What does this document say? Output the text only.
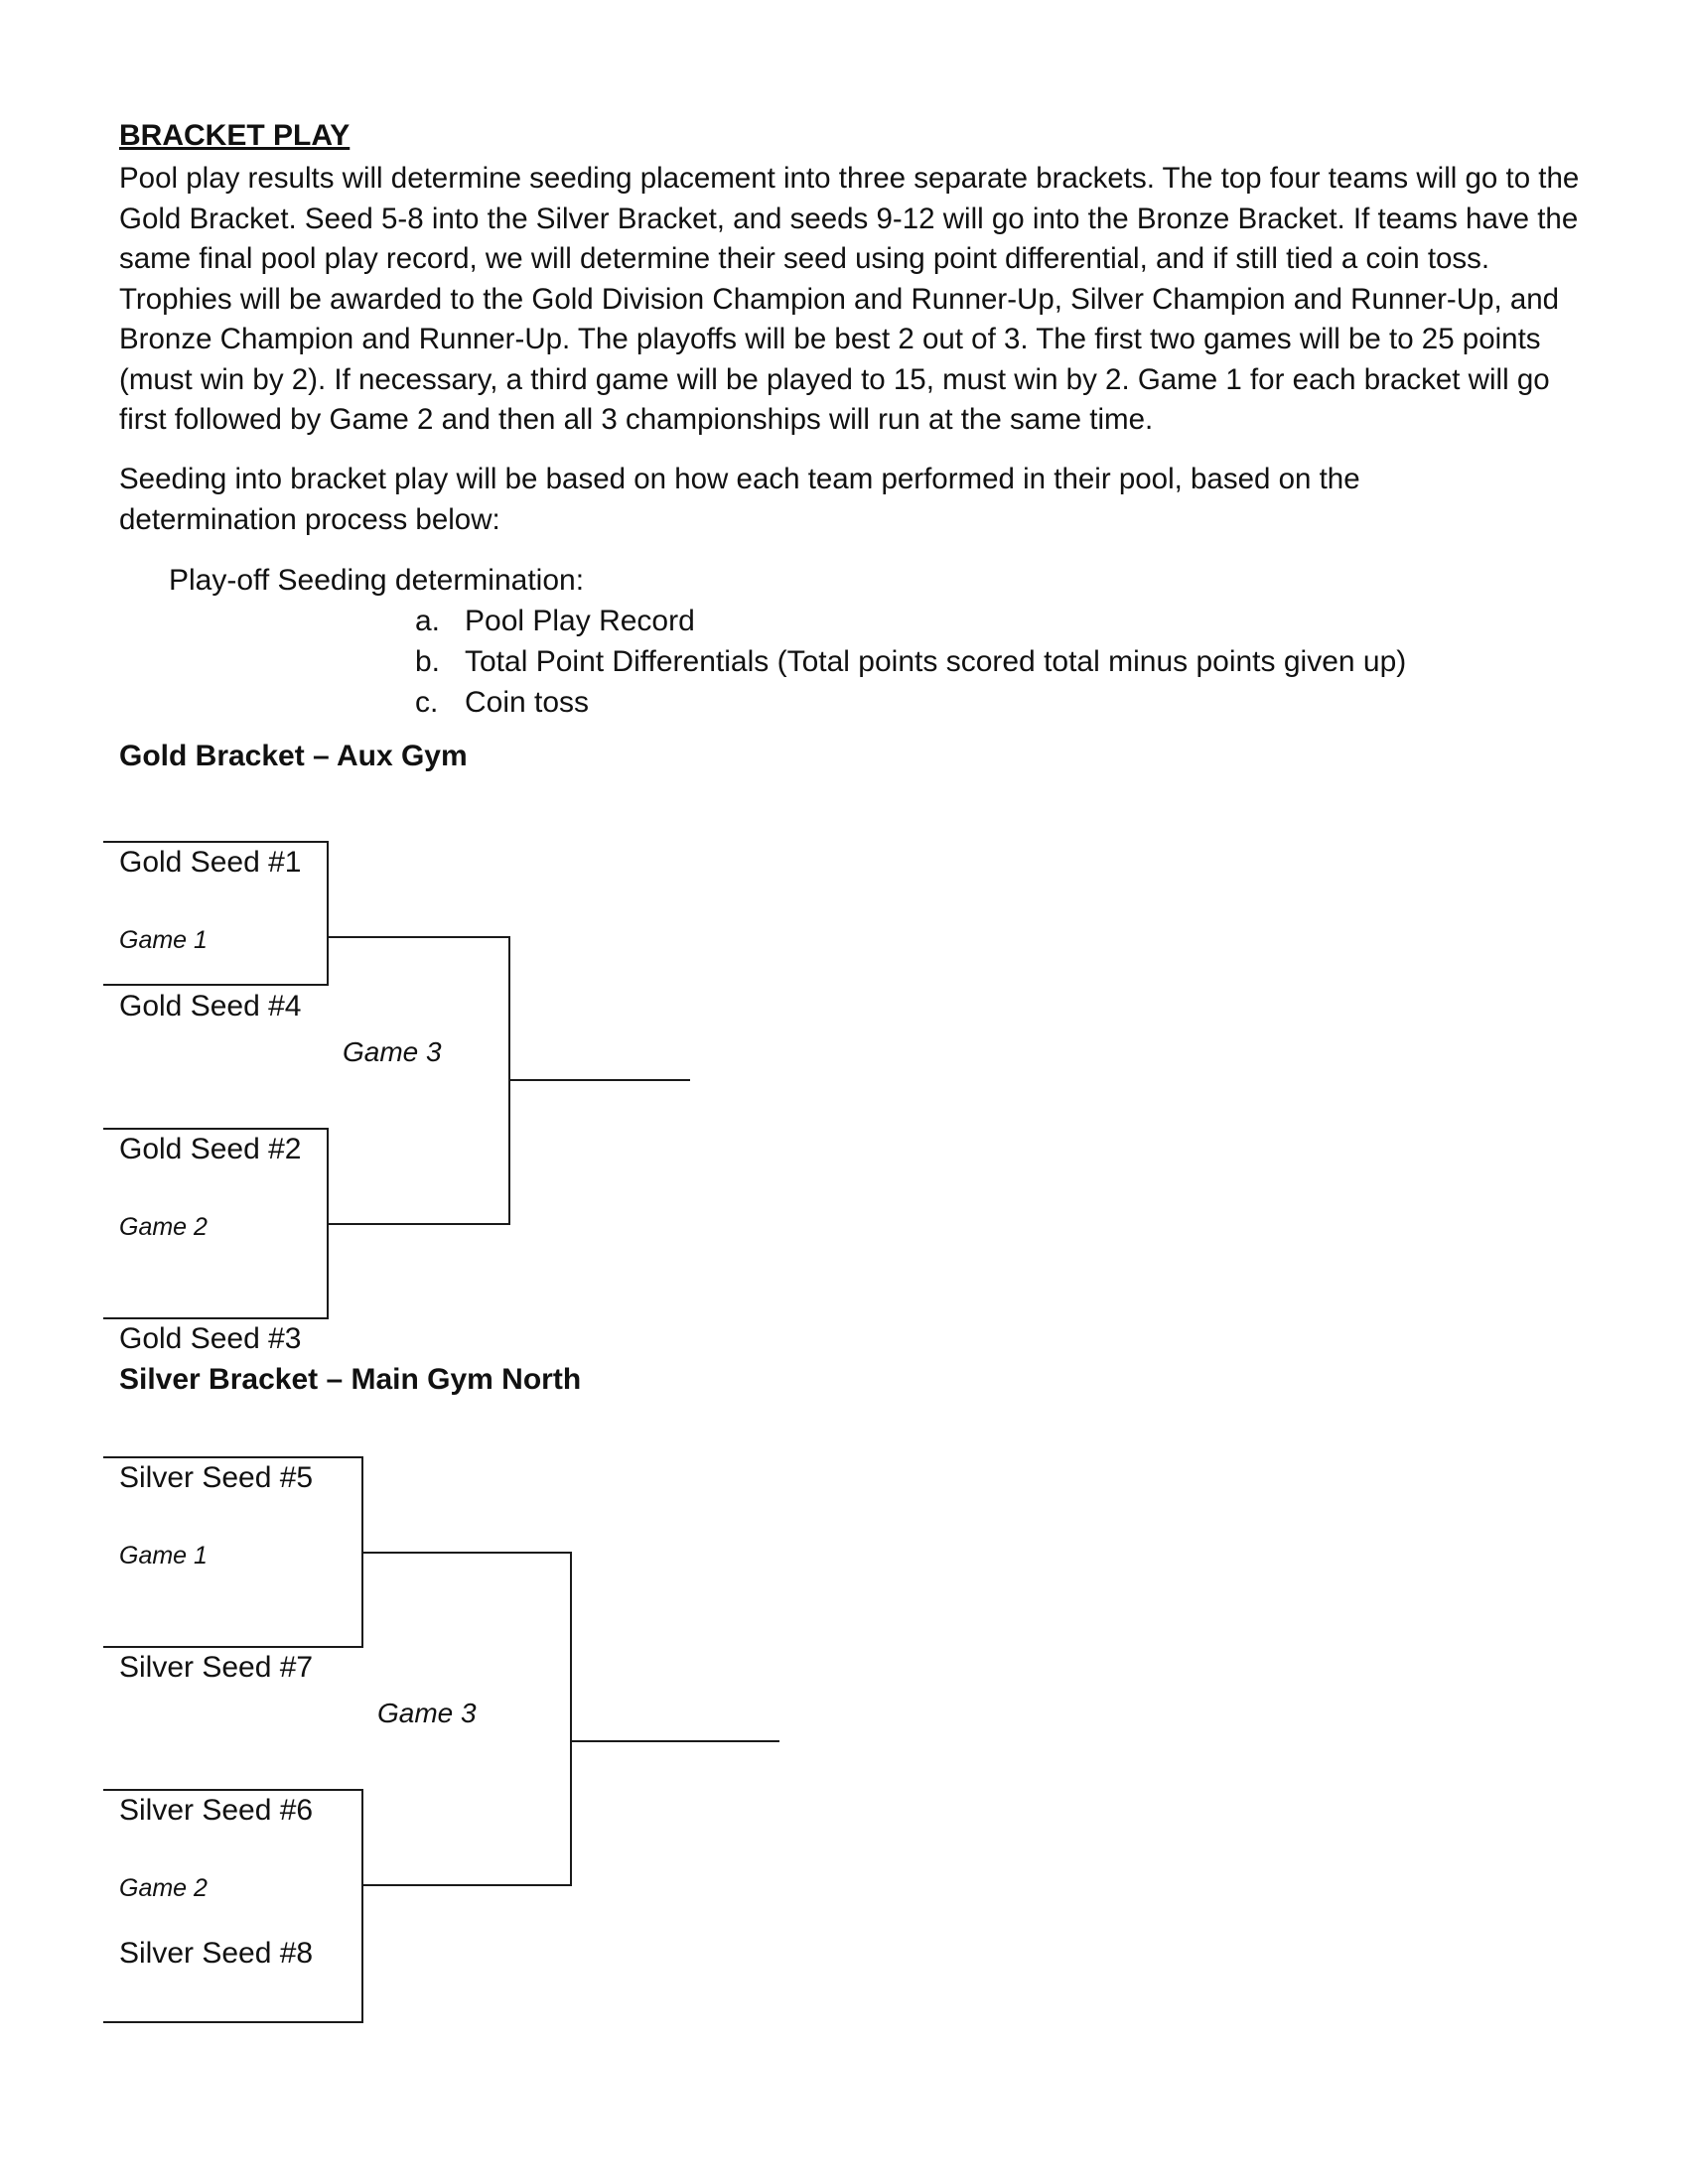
BRACKET PLAY

Pool play results will determine seeding placement into three separate brackets. The top four teams will go to the Gold Bracket. Seed 5-8 into the Silver Bracket, and seeds 9-12 will go into the Bronze Bracket. If teams have the same final pool play record, we will determine their seed using point differential, and if still tied a coin toss. Trophies will be awarded to the Gold Division Champion and Runner-Up, Silver Champion and Runner-Up, and Bronze Champion and Runner-Up. The playoffs will be best 2 out of 3. The first two games will be to 25 points (must win by 2). If necessary, a third game will be played to 15, must win by 2. Game 1 for each bracket will go first followed by Game 2 and then all 3 championships will run at the same time.

Seeding into bracket play will be based on how each team performed in their pool, based on the determination process below:

Play-off Seeding determination:
a. Pool Play Record
b. Total Point Differentials (Total points scored total minus points given up)
c. Coin toss
Gold Bracket – Aux Gym
Gold Seed #1
Game 1
Gold Seed #4
Game 3
Gold Seed #2
Game 2
Gold Seed #3
Silver Bracket – Main Gym North
Silver Seed #5
Game 1
Silver Seed #7
Game 3
Silver Seed #6
Game 2
Silver Seed #8
